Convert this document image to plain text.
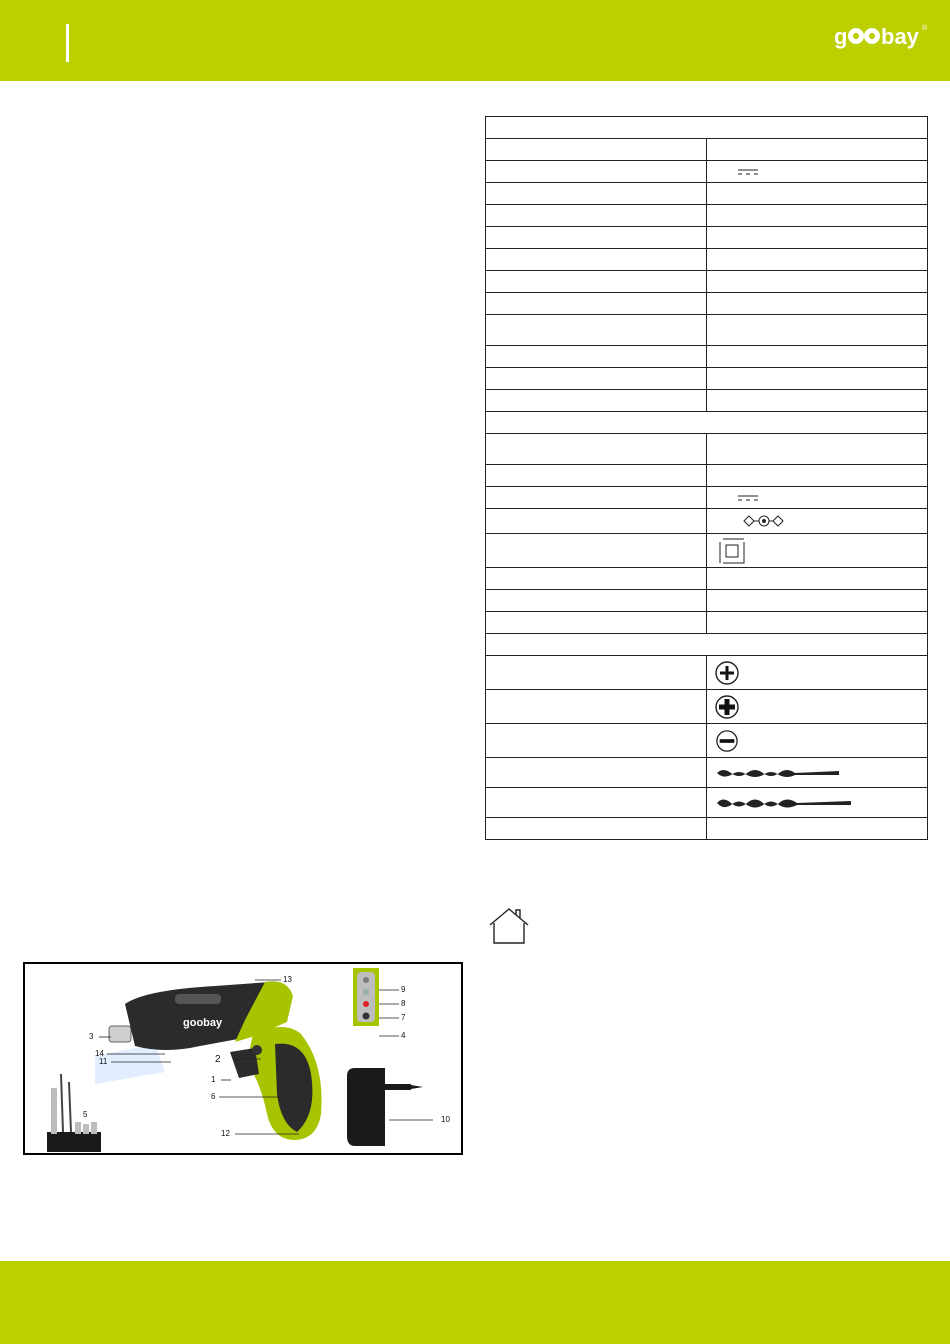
g bay ®

goobay
13
9
8
7
4
3
14
11	2
1
6
5
12
10
